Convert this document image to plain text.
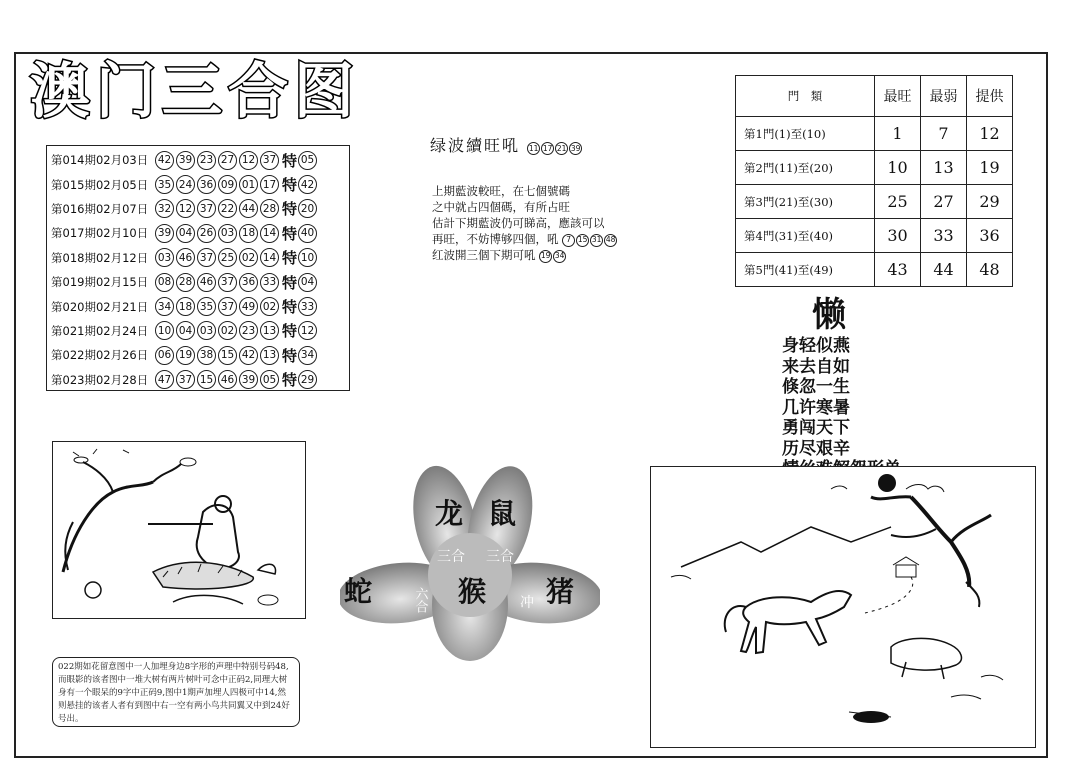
澳门三合图
第014期02月03日 42 39 23 27 12 37 特 05
第015期02月05日 35 24 36 09 01 17 特 42
第016期02月07日 32 12 37 22 44 28 特 20
第017期02月10日 39 04 26 03 18 14 特 40
第018期02月12日 03 46 37 25 02 14 特 10
第019期02月15日 08 28 46 37 36 33 特 04
第020期02月21日 34 18 35 37 49 02 特 33
第021期02月24日 10 04 03 02 23 13 特 12
第022期02月26日 06 19 38 15 42 13 特 34
第023期02月28日 47 37 15 46 39 05 特 29
绿波續旺吼 11 17 21 39
上期藍波較旺，在七個號碼
之中就占四個碼，有所占旺
估計下期藍波仍可睇高，應該可以
再旺，不妨博够四個，吼 7 15 31 48
红波開三個下期可吼 19 34
門　類	最旺	最弱	提供
第1門(1)至(10)	1	7	12
第2門(11)至(20)	10	13	19
第3門(21)至(30)	25	27	29
第4門(31)至(40)	30	33	36
第5門(41)至(49)	43	44	48
懒
身轻似燕
来去自如
倏忽一生
几许寒暑
勇闯天下
历尽艰辛
022期如花留意图中一人加埋身边8字形的声理中特别号码48,而眼影的该者图中一堆大树有两片树叶可念中正码2,同理大树身有一个眼呆的9字中正码9,图中1期声加埋人四极可中14,然则悬挂的该者人者有到图中右一空有两小鸟共同翼又中到24好号出。
龙 鼠
蛇	猴 猪
三合 三合
六合	冲
